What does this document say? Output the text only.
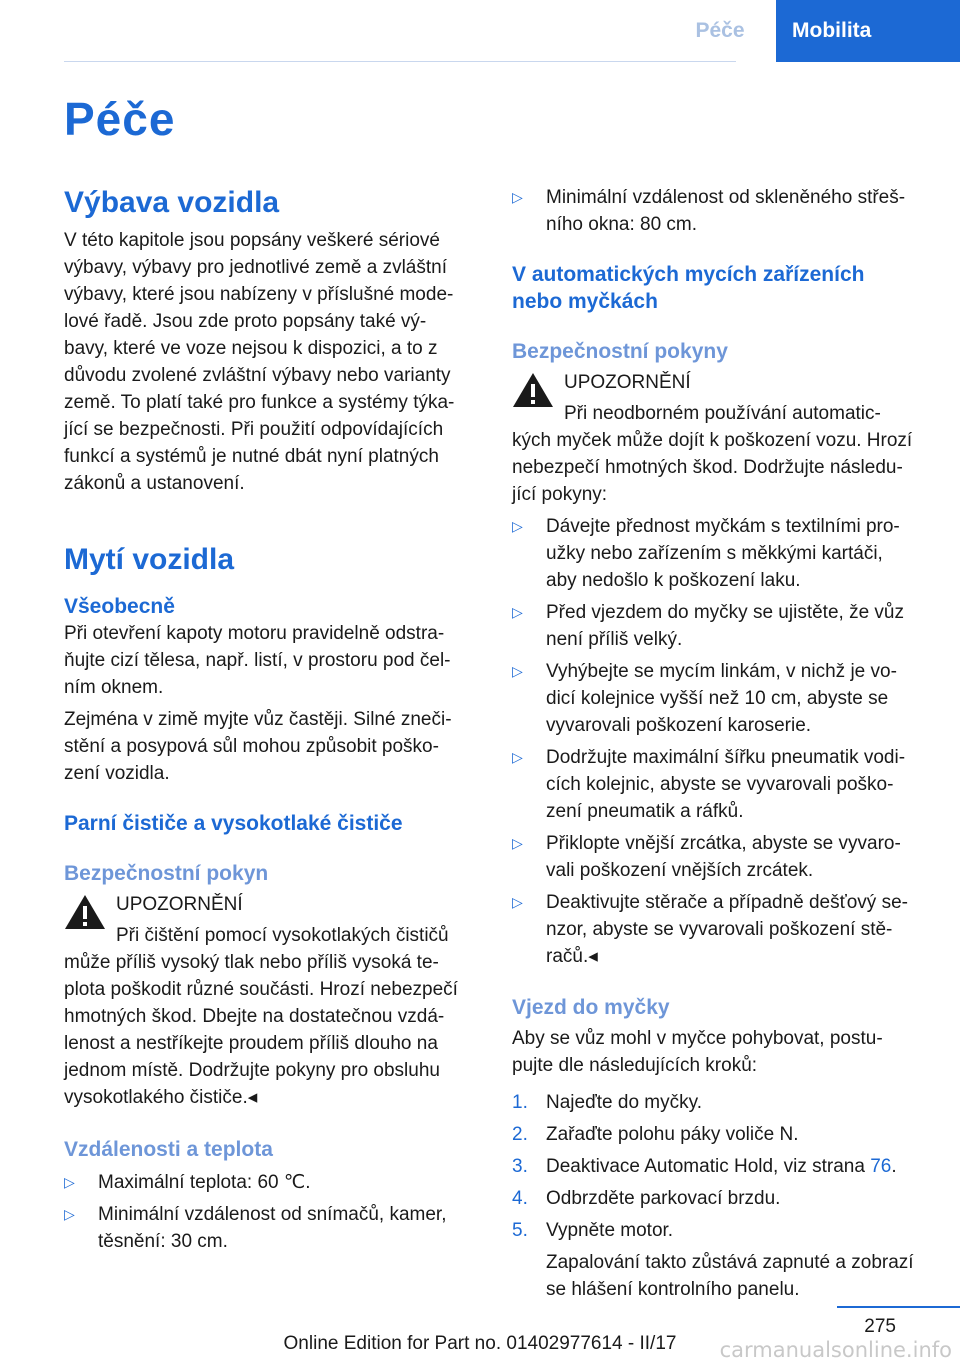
Péče	Mobilita
Péče
Výbava vozidla

V této kapitole jsou popsány veškeré sériové
výbavy, výbavy pro jednotlivé země a zvláštní
výbavy, které jsou nabízeny v příslušné mode-
lové řadě. Jsou zde proto popsány také vý-
bavy, které ve voze nejsou k dispozici, a to z
důvodu zvolené zvláštní výbavy nebo varianty
země. To platí také pro funkce a systémy týka-
jící se bezpečnosti. Při použití odpovídajících
funkcí a systémů je nutné dbát nyní platných
zákonů a ustanovení.

Mytí vozidla
Všeobecně

Při otevření kapoty motoru pravidelně odstra-
ňujte cizí tělesa, např. listí, v prostoru pod čel-
ním oknem.

Zejména v zimě myjte vůz častěji. Silné zneči-
stění a posypová sůl mohou způsobit poško-
zení vozidla.

Parní čističe a vysokotlaké čističe
Bezpečnostní pokyn
UPOZORNĚNÍ
Při čištění pomocí vysokotlakých čističů

může příliš vysoký tlak nebo příliš vysoká te-
plota poškodit různé součásti. Hrozí nebezpečí
hmotných škod. Dbejte na dostatečnou vzdá-
lenost a nestříkejte proudem příliš dlouho na
jednom místě. Dodržujte pokyny pro obsluhu
vysokotlakého čističe.◂

Vzdálenosti a teplota
▷ Maximální teplota: 60 ℃.
▷ Minimální vzdálenost od snímačů, kamer,
těsnění: 30 cm.
▷ Minimální vzdálenost od skleněného střeš-
ního okna: 80 cm.
V automatických mycích zařízeních
nebo myčkách
Bezpečnostní pokyny
UPOZORNĚNÍ
Při neodborném používání automatic-

kých myček může dojít k poškození vozu. Hrozí
nebezpečí hmotných škod. Dodržujte následu-
jící pokyny:

▷ Dávejte přednost myčkám s textilními pro-
užky nebo zařízením s měkkými kartáči,
aby nedošlo k poškození laku.
▷ Před vjezdem do myčky se ujistěte, že vůz
není příliš velký.
▷ Vyhýbejte se mycím linkám, v nichž je vo-
dicí kolejnice vyšší než 10 cm, abyste se
vyvarovali poškození karoserie.
▷ Dodržujte maximální šířku pneumatik vodi-
cích kolejnic, abyste se vyvarovali poško-
zení pneumatik a ráfků.
▷ Přiklopte vnější zrcátka, abyste se vyvaro-
vali poškození vnějších zrcátek.
▷ Deaktivujte stěrače a případně dešťový se-
nzor, abyste se vyvarovali poškození stě-
račů.◂
Vjezd do myčky

Aby se vůz mohl v myčce pohybovat, postu-
pujte dle následujících kroků:

1. Najeďte do myčky.
2. Zařaďte polohu páky voliče N.
3. Deaktivace Automatic Hold, viz strana 76.
4. Odbrzděte parkovací brzdu.
5. Vypněte motor.

Zapalování takto zůstává zapnuté a zobrazí
se hlášení kontrolního panelu.

275
Online Edition for Part no. 01402977614 - II/17	carmanualsonline.info
